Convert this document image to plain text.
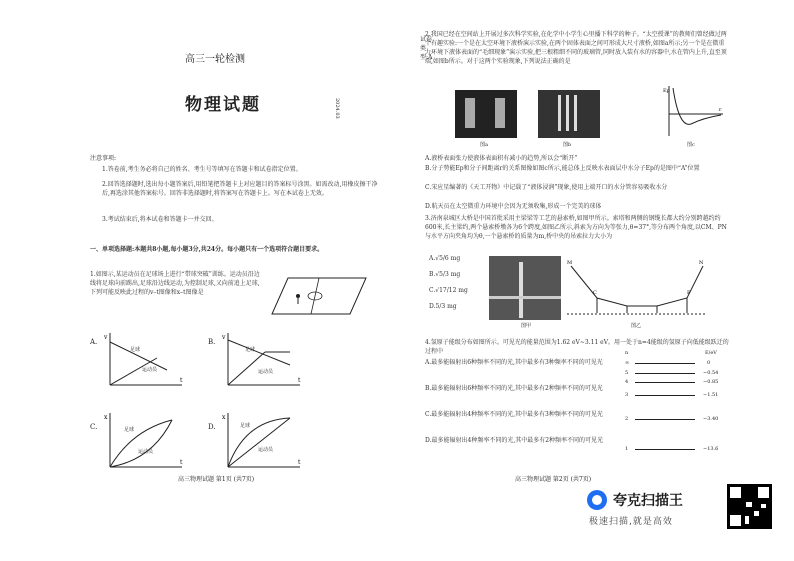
试卷类型:A
高三一轮检测
物理试题	2024.03
注意事项:
1.答卷前,考生务必将自己的姓名、考生号等填写在答题卡和试卷指定位置。
2.回答选择题时,选出每小题答案后,用铅笔把答题卡上对应题目的答案标号涂黑。如需改动,用橡皮擦干净后,再选涂其他答案标号。回答非选择题时,将答案写在答题卡上。写在本试卷上无效。
3.考试结束后,将本试卷和答题卡一并交回。
一、单项选择题:本题共8小题,每小题3分,共24分。每小题只有一个选项符合题目要求。
1.如图示,某运动员在足球场上进行“带球突破”训练。运动员沿边线将足球向前踢出,足球沿边线运动,为控制足球,又向前追上足球,下列可能反映此过程的v–t图像和x–t图像是
A.
v
t
足球
运动员
B.
v
t
足球
运动员
C.
x
t
足球
运动员
D.
x
t
足球
运动员
高三物理试题 第1页 (共7页)
2.我国已经在空间站上开展过多次科学实验,在化学中小学生心里播下科学的种子。“太空授课”的教师们曾经做过两个有趣实验:一个是在太空环境下液桥演示实验,在两个固体表面之间可形成大尺寸液桥,如图a所示;另一个是在微重力环境下液体表面的“毛细现象”演示实验,把三根粗细不同的玻璃管,同时放入装有水的容器中,水在管内上升,直至顶端,如图b所示。对于这两个实验现象,下列说法正确的是
图a	图b
Ep
r
图c
A.液桥表面张力使液体表面积有减小的趋势,所以会“断开”
B.分子势能Ep和分子间距离r的关系图像如图c所示,能总体上反映水表面层中水分子Ep的是图中“A”位置
C.宋应星编著的《天工开物》中记载了“液体浸润”现象,使用上端开口的水分管容易吸收水分
D.航天员在太空微重力环境中会因为无须收集,形成一个完美的球体
3.济南泉城区大桥是中国首批采用主梁梁等工艺的悬索桥,如图甲所示。索塔和两侧的钢缆长都大约分别跨越约约600米,长主梁约,两个悬索桥墩各为6个跨度,如图乙所示,斜索为方向为等张力,θ=37°,等分布两个角度,以CM、PN与水平方向夹角均为θ,一个悬索桥的质量为m,桥中央的吊索拉力大小为
A.√5/6 mg
B.√5/3 mg
C.√17/12 mg
D.5/3 mg
图甲
M	N
C	P
图乙
4.氢原子能级分布如图所示。可见光的能量范围为1.62 eV~3.11 eV。用一处于n=4能级的氢原子向低能级跃迁的过程中
A.最多能辐射出6种频率不同的光,其中最多有3种频率不同的可见光
B.最多能辐射出6种频率不同的光,其中最多有2种频率不同的可见光
C.最多能辐射出4种频率不同的光,其中最多有3种频率不同的可见光
D.最多能辐射出4种频率不同的光,其中最多有2种频率不同的可见光
n	E/eV
∞	0
5	−0.54
4	−0.85
3	−1.51
2	−3.40
1	−13.6
高三物理试题 第2页 (共7页)
夸克扫描王
极速扫描,就是高效
